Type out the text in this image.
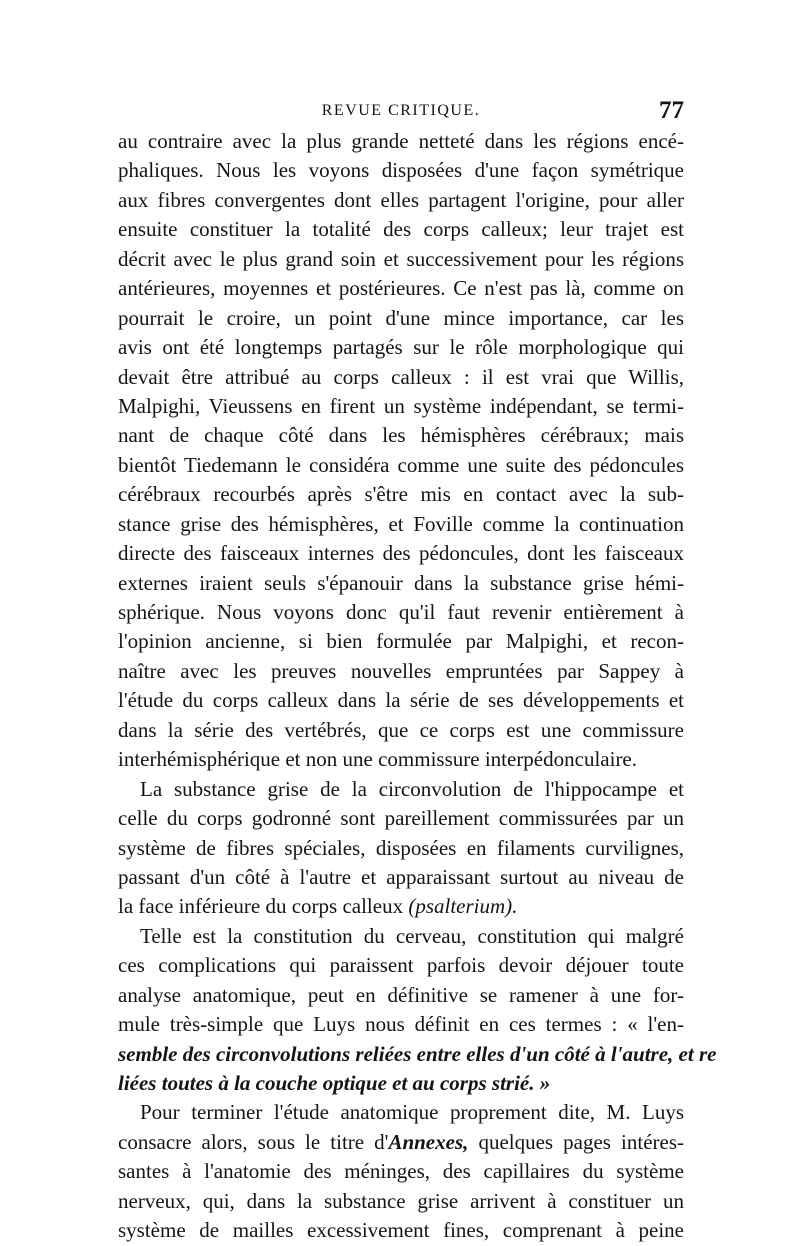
REVUE CRITIQUE.	77
au contraire avec la plus grande netteté dans les régions encé-
phaliques. Nous les voyons disposées d'une façon symétrique
aux fibres convergentes dont elles partagent l'origine, pour aller
ensuite constituer la totalité des corps calleux; leur trajet est
décrit avec le plus grand soin et successivement pour les régions
antérieures, moyennes et postérieures. Ce n'est pas là, comme on
pourrait le croire, un point d'une mince importance, car les
avis ont été longtemps partagés sur le rôle morphologique qui
devait être attribué au corps calleux : il est vrai que Willis,
Malpighi, Vieussens en firent un système indépendant, se termi-
nant de chaque côté dans les hémisphères cérébraux; mais
bientôt Tiedemann le considéra comme une suite des pédoncules
cérébraux recourbés après s'être mis en contact avec la sub-
stance grise des hémisphères, et Foville comme la continuation
directe des faisceaux internes des pédoncules, dont les faisceaux
externes iraient seuls s'épanouir dans la substance grise hémi-
sphérique. Nous voyons donc qu'il faut revenir entièrement à
l'opinion ancienne, si bien formulée par Malpighi, et recon-
naître avec les preuves nouvelles empruntées par Sappey à
l'étude du corps calleux dans la série de ses développements et
dans la série des vertébrés, que ce corps est une commissure
interhémisphérique et non une commissure interpédonculaire.
La substance grise de la circonvolution de l'hippocampe et
celle du corps godronné sont pareillement commissurées par un
système de fibres spéciales, disposées en filaments curvilignes,
passant d'un côté à l'autre et apparaissant surtout au niveau de
la face inférieure du corps calleux (psalterium).
Telle est la constitution du cerveau, constitution qui malgré
ces complications qui paraissent parfois devoir déjouer toute
analyse anatomique, peut en définitive se ramener à une for-
mule très-simple que Luys nous définit en ces termes : « l'en-
semble des circonvolutions reliées entre elles d'un côté à l'autre, et re
liées toutes à la couche optique et au corps strié. »
Pour terminer l'étude anatomique proprement dite, M. Luys
consacre alors, sous le titre d'Annexes, quelques pages intéres-
santes à l'anatomie des méninges, des capillaires du système
nerveux, qui, dans la substance grise arrivent à constituer un
système de mailles excessivement fines, comprenant à peine
